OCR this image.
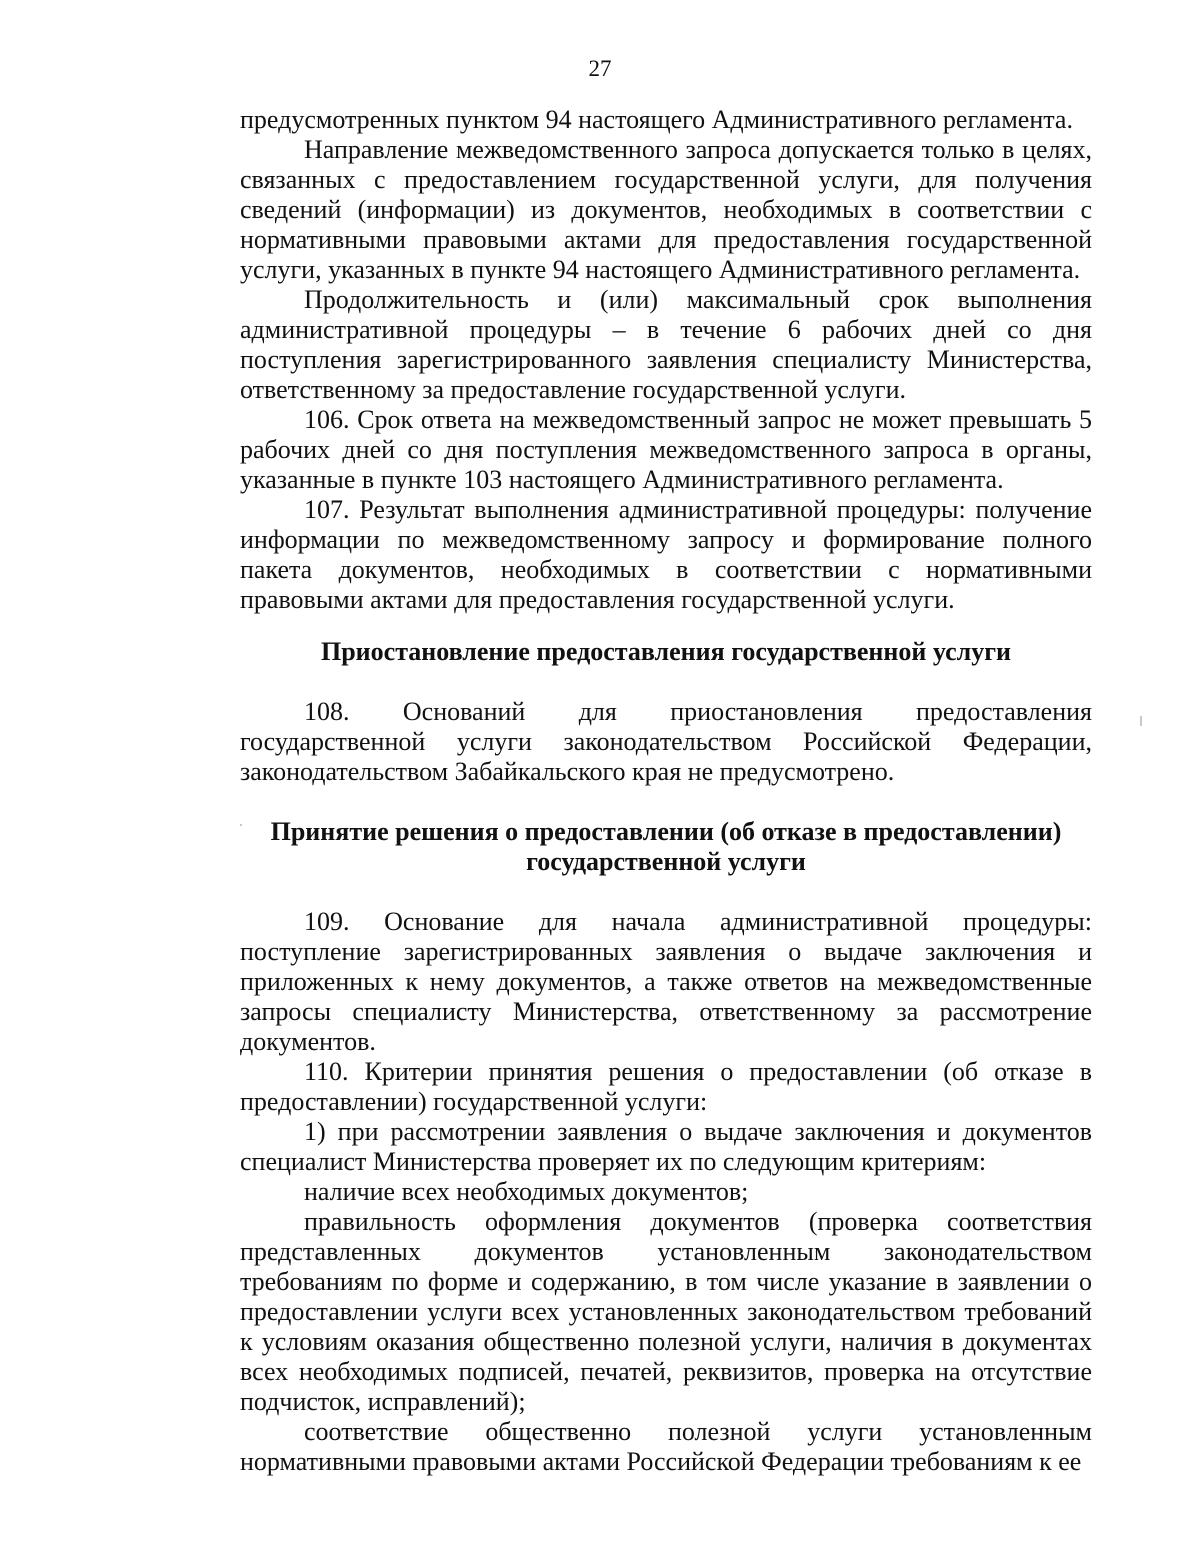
27

предусмотренных пунктом 94 настоящего Административного регламента.

Направление межведомственного запроса допускается только в целях, связанных с предоставлением государственной услуги, для получения сведений (информации) из документов, необходимых в соответствии с нормативными правовыми актами для предоставления государственной услуги, указанных в пункте 94 настоящего Административного регламента.

Продолжительность и (или) максимальный срок выполнения административной процедуры – в течение 6 рабочих дней со дня поступления зарегистрированного заявления специалисту Министерства, ответственному за предоставление государственной услуги.

106. Срок ответа на межведомственный запрос не может превышать 5 рабочих дней со дня поступления межведомственного запроса в органы, указанные в пункте 103 настоящего Административного регламента.

107. Результат выполнения административной процедуры: получение информации по межведомственному запросу и формирование полного пакета документов, необходимых в соответствии с нормативными правовыми актами для предоставления государственной услуги.

Приостановление предоставления государственной услуги

108. Оснований для приостановления предоставления государственной услуги законодательством Российской Федерации, законодательством Забайкальского края не предусмотрено.

Принятие решения о предоставлении (об отказе в предоставлении)

государственной услуги

109. Основание для начала административной процедуры: поступление зарегистрированных заявления о выдаче заключения и приложенных к нему документов, а также ответов на межведомственные запросы специалисту Министерства, ответственному за рассмотрение документов.

110. Критерии принятия решения о предоставлении (об отказе в предоставлении) государственной услуги:

1) при рассмотрении заявления о выдаче заключения и документов специалист Министерства проверяет их по следующим критериям:

наличие всех необходимых документов;

правильность оформления документов (проверка соответствия представленных документов установленным законодательством требованиям по форме и содержанию, в том числе указание в заявлении о предоставлении услуги всех установленных законодательством требований к условиям оказания общественно полезной услуги, наличия в документах всех необходимых подписей, печатей, реквизитов, проверка на отсутствие подчисток, исправлений);

соответствие общественно полезной услуги установленным нормативными правовыми актами Российской Федерации требованиям к ее
